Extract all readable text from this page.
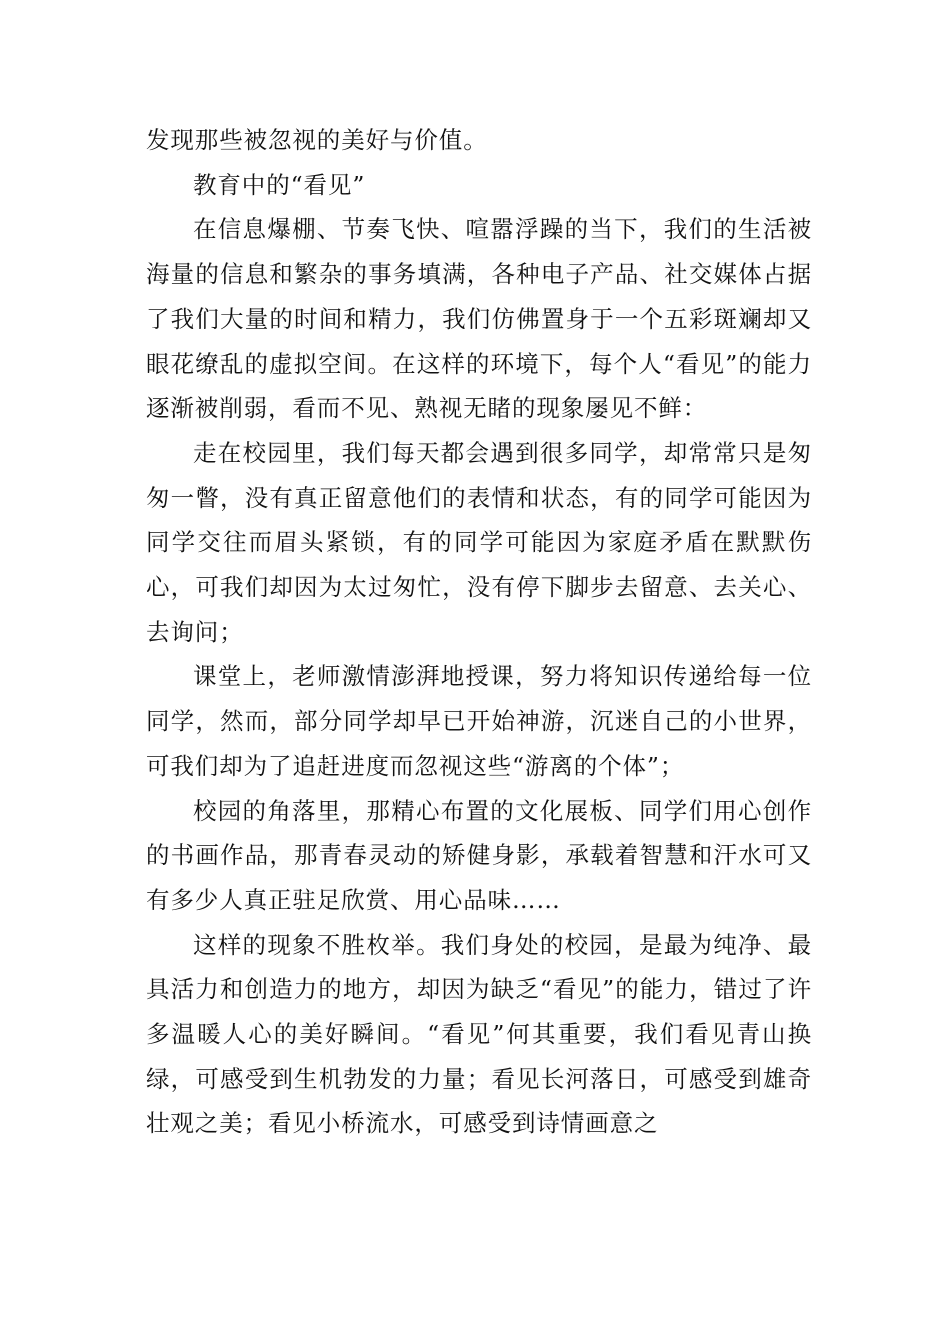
发现那些被忽视的美好与价值。

教育中的“看见”

在信息爆棚、节奏飞快、喧嚣浮躁的当下，我们的生活被海量的信息和繁杂的事务填满，各种电子产品、社交媒体占据了我们大量的时间和精力，我们仿佛置身于一个五彩斑斓却又眼花缭乱的虚拟空间。在这样的环境下，每个人“看见”的能力逐渐被削弱，看而不见、熟视无睹的现象屡见不鲜：

走在校园里，我们每天都会遇到很多同学，却常常只是匆匆一瞥，没有真正留意他们的表情和状态，有的同学可能因为同学交往而眉头紧锁，有的同学可能因为家庭矛盾在默默伤心，可我们却因为太过匆忙，没有停下脚步去留意、去关心、去询问；

课堂上，老师激情澎湃地授课，努力将知识传递给每一位同学，然而，部分同学却早已开始神游，沉迷自己的小世界，可我们却为了追赶进度而忽视这些“游离的个体”；

校园的角落里，那精心布置的文化展板、同学们用心创作的书画作品，那青春灵动的矫健身影，承载着智慧和汗水可又有多少人真正驻足欣赏、用心品味……

这样的现象不胜枚举。我们身处的校园，是最为纯净、最具活力和创造力的地方，却因为缺乏“看见”的能力，错过了许多温暖人心的美好瞬间。“看见”何其重要，我们看见青山换绿，可感受到生机勃发的力量；看见长河落日，可感受到雄奇壮观之美；看见小桥流水，可感受到诗情画意之
